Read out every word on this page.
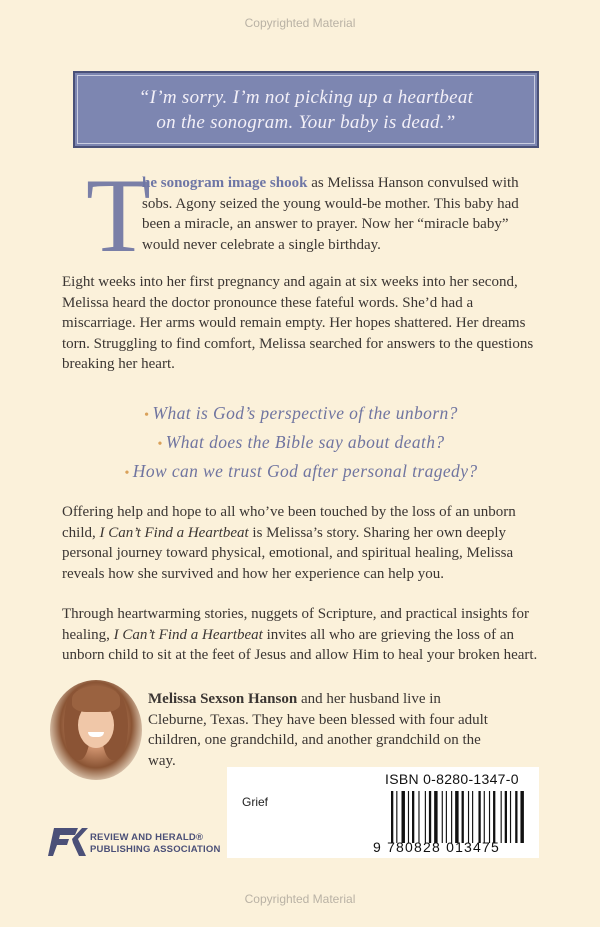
Copyrighted Material
“I’m sorry. I’m not picking up a heartbeat
on the sonogram. Your baby is dead.”
T

he sonogram image shook as Melissa Hanson convulsed with sobs. Agony seized the young would-be mother. This baby had been a miracle, an answer to prayer. Now her “miracle baby” would never celebrate a single birthday.

Eight weeks into her first pregnancy and again at six weeks into her second, Melissa heard the doctor pronounce these fateful words. She’d had a miscarriage. Her arms would remain empty. Her hopes shattered. Her dreams torn. Struggling to find comfort, Melissa searched for answers to the questions breaking her heart.

• What is God’s perspective of the unborn?
• What does the Bible say about death?
• How can we trust God after personal tragedy?

Offering help and hope to all who’ve been touched by the loss of an unborn child, I Can’t Find a Heartbeat is Melissa’s story. Sharing her own deeply personal journey toward physical, emotional, and spiritual healing, Melissa reveals how she survived and how her experience can help you.

Through heartwarming stories, nuggets of Scripture, and practical insights for healing, I Can’t Find a Heartbeat invites all who are grieving the loss of an unborn child to sit at the feet of Jesus and allow Him to heal your broken heart.

Melissa Sexson Hanson and her husband live in Cleburne, Texas. They have been blessed with four adult children, one grandchild, and another grandchild on the way.

Grief
ISBN 0-8280-1347-0
9 780828 013475
REVIEW AND HERALD®
PUBLISHING ASSOCIATION
Copyrighted Material
